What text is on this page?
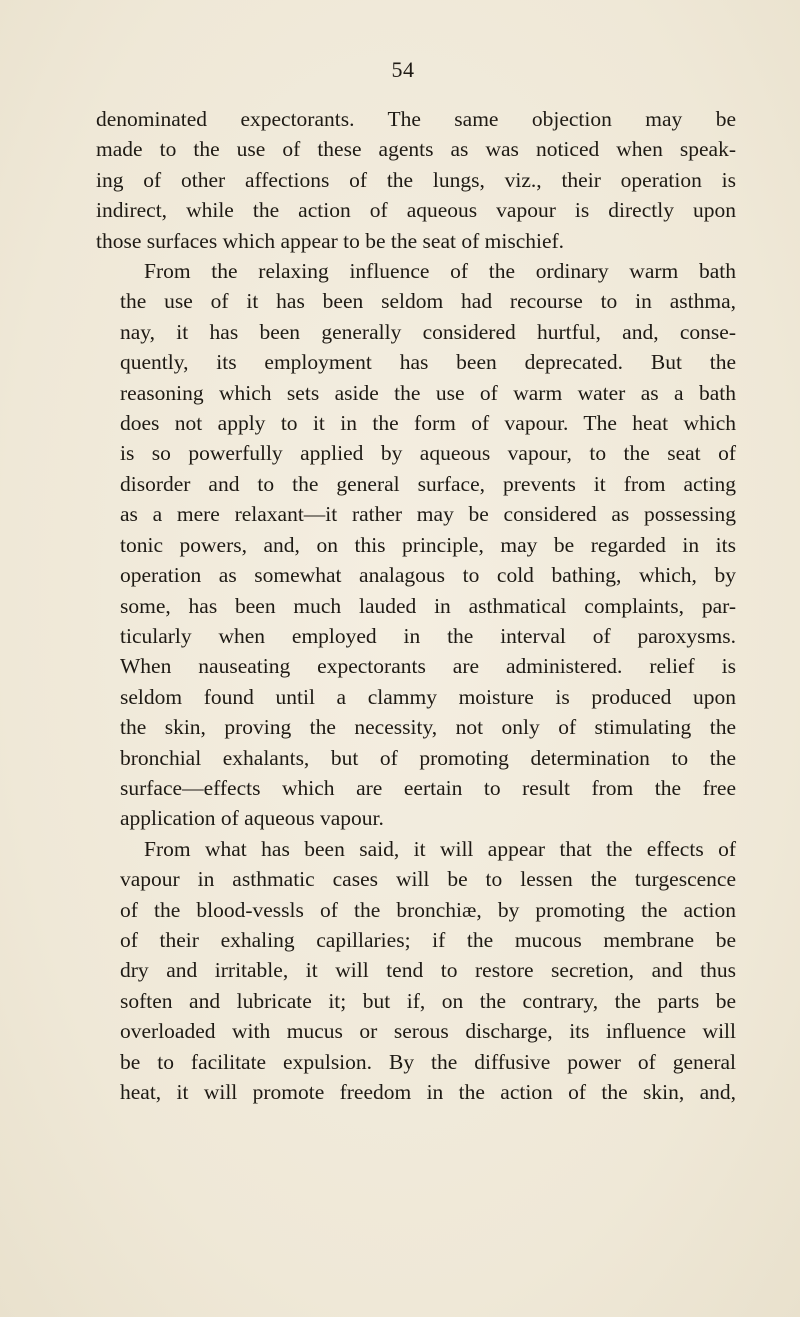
54

denominated expectorants. The same objection may be
made to the use of these agents as was noticed when speak-
ing of other affections of the lungs, viz., their operation is
indirect, while the action of aqueous vapour is directly upon
those surfaces which appear to be the seat of mischief.

From the relaxing influence of the ordinary warm bath
the use of it has been seldom had recourse to in asthma,
nay, it has been generally considered hurtful, and, conse-
quently, its employment has been deprecated. But the
reasoning which sets aside the use of warm water as a bath
does not apply to it in the form of vapour. The heat which
is so powerfully applied by aqueous vapour, to the seat of
disorder and to the general surface, prevents it from acting
as a mere relaxant—it rather may be considered as possessing
tonic powers, and, on this principle, may be regarded in its
operation as somewhat analagous to cold bathing, which, by
some, has been much lauded in asthmatical complaints, par-
ticularly when employed in the interval of paroxysms.
When nauseating expectorants are administered. relief is
seldom found until a clammy moisture is produced upon
the skin, proving the necessity, not only of stimulating the
bronchial exhalants, but of promoting determination to the
surface—effects which are eertain to result from the free
application of aqueous vapour.

From what has been said, it will appear that the effects of
vapour in asthmatic cases will be to lessen the turgescence
of the blood-vessls of the bronchiæ, by promoting the action
of their exhaling capillaries; if the mucous membrane be
dry and irritable, it will tend to restore secretion, and thus
soften and lubricate it; but if, on the contrary, the parts be
overloaded with mucus or serous discharge, its influence will
be to facilitate expulsion. By the diffusive power of general
heat, it will promote freedom in the action of the skin, and,
